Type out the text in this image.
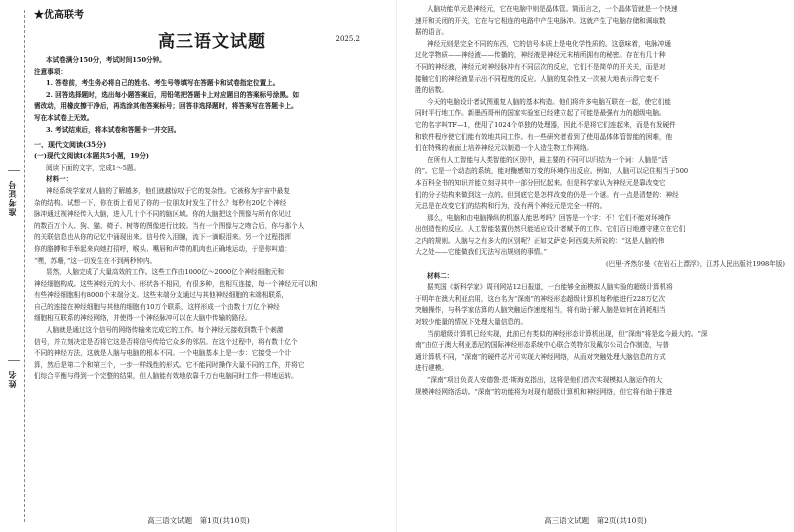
准考证号
姓名
★优高联考
高三语文试题	2025.2
本试卷满分150分，考试时间150分钟。
注意事项：
1. 答卷前，考生务必将自己的姓名、考生号等填写在答题卡和试卷指定位置上。
2. 回答选择题时，选出每小题答案后，用铅笔把答题卡上对应题目的答案标号涂黑。如
需改动，用橡皮擦干净后，再选涂其他答案标号；回答非选择题时，将答案写在答题卡上。
写在本试卷上无效。
3. 考试结束后，将本试卷和答题卡一并交回。
一、现代文阅读(35分)
(一)现代文阅读Ⅰ(本题共5小题，19分)
阅读下面的文字，完成1～5题。
材料一：
神经系统学家对人脑的了解越多，他们就越惊叹于它的复杂性。它被称为宇宙中最复
杂的结构。试想一下，你在街上看见了你的一位朋友时发生了什么？每秒有20亿个神经
脉冲通过视神经传入大脑，进入几十个不同的脑区域。你的大脑把这个图像与所有你见过
的数百万个人、狗、猫、椅子、树等的图像进行比较。当有一个图像与之吻合后，你与那个人
的关联信息也从你的记忆中涌现出来。信号传入泪腺，流下一滴眼泪来。另一个过程指挥
你的胳膊和手举起来向她打招呼，喉头、嘴唇和声带的肌肉也正确地运动，于是你叫道：
“嘿，苏珊，”这一切发生在不到两秒钟内。
显然，人脑完成了大量高效的工作。这些工作由1000亿～2000亿个神经细胞元和
神经细胞构成。这些神经元的大小、形状各不相同，有很多种，也相互连接，每一个神经元可以和
有些神经细胞相有8000个末端分支。这些末端分支通过与其他神经细胞的末端相联系，
自己的连接在神经细胞与其他的细胞有10万个联系，这样形成一个由数十万亿个神经
细胞相互联系的神经网络，并使得一个神经脉冲可以在大脑中传输的路径。
人脑就是通过这个信号的网络传输来完成它的工作。每个神经元接收到数千个刺激
信号，并立刻决定是否将它这是否将信号传给它众多的邻居。在这个过程中，将有数十亿个
不同的神经方法，这就是人脑与电脑的根本不同。一个电脑基本上是一步：它接受一个计
算，然后是第二个和第三个，一步一样线性的形式。它不能同时操作大量不同的工作，并将它
们综合平衡与得到一个完整的结果，但人脑能有效地依靠千万台电脑同时工作一样地运转。
高三语文试题　第1页(共10页)
人脑功能单元是神经元，它在电脑中则是晶体管。简而言之，一个晶体管就是一个快速
速开和关闭的开关，它在与它相连的电路中产生电脉冲。这就产生了电脑存储和调取数
据的语言。
神经元则是完全不同的东西，它的信号本质上是电化学性质的。这意味着，电脉冲通
过化学物质——神经液——传播的，神经液是神经元末梢所拥有的秘密。存在有几十种
不同的神经液，神经元对神经脉冲有不同层次的反应，它们不是简单的开关关，而是对
接触它们的神经液显示出不同程度的反应。人脑的复杂性又一次被大地表示得它变不
胜的倍数。
今天的电脑设计者试图重复人脑的基本构造。他们将许多电脑互联在一起，使它们能
同时平行地工作。新墨西哥州的国家实验室已经建立起了可能是最强有力的超级电脑。
它的名字叫TF—1，使用了1024个单独的处理器，因此不是将它们连起来，而是有发硬件
和软件程序使它们能有效地共同工作。有一些研究者看到了使用晶体体管智能的困难，他
们在特殊的表面上培养神经元以制造一个人造生物工作网络。
在所有人工智能与人类智能的区别中，最主要的不同可以归结为一个词：人脑是“活
的”。它是一个动态的系统，能对酶感知万变的环境作出反应。例如，人脑可以记住相当于500
本百科全书的知识并能立刻寻其中一部分回忆起来。但是科学家认为神经元是靠改变它
们的分子结构来做到这一点的。但到底它是怎样改变的仍是一个谜。有一点是清楚的：神经
元总是在改变它们的结构和行为，没有两个神经元是完全一样的。
那么，电脑和由电脑操纵的机器人能思考吗？回答是一个字：不！它们不能对环境作
出创造性的反应。人工智能装置仍然只能适应设计者赋予的工作。它们百日地遵守建立在它们
之内的规则。人脑与之有多大的区别呢？正如艾萨克·阿西莫夫所说的：“这是人脑的伟
大之处——它能做我们无法写出规则的事情。”
(巴里·齐然尔曼《在岩石上漂浮》，江苏人民出版社1998年版)
材料二：
据英国《新科学家》周刊网站12日报道，一台能够全面模拟人脑实验的超级计算机将
于明年在澳大利亚启用，这台名为“深南”的神经形态超级计算机每秒能进行228万亿次
突触操作，与科学家估算的人脑突触运作速度相当，将有助于解人脑是如何在消耗相当
对较少能量的情况下处理大量信息的。
当前超级计算机已经实现，此前已有类似的神经形态计算机出现，但“深南”将是迄今最大的。“深
南”由位于澳大利亚悉尼的国际神经形态系统中心联合英特尔及戴尔公司合作制造，与普
通计算机不同，“深南”的硬件芯片可实现大神经网络，从而对突触处理大脑信息的方式
进行建模。
“深南”项目负责人安德鲁·范·斯海克指出，这将是他们首次实现模拟人脑运作的大
规模神经网络活动。“深南”的功能将为对现有超级计算机和神经网络，但它将有助于推进
高三语文试题　第2页(共10页)
